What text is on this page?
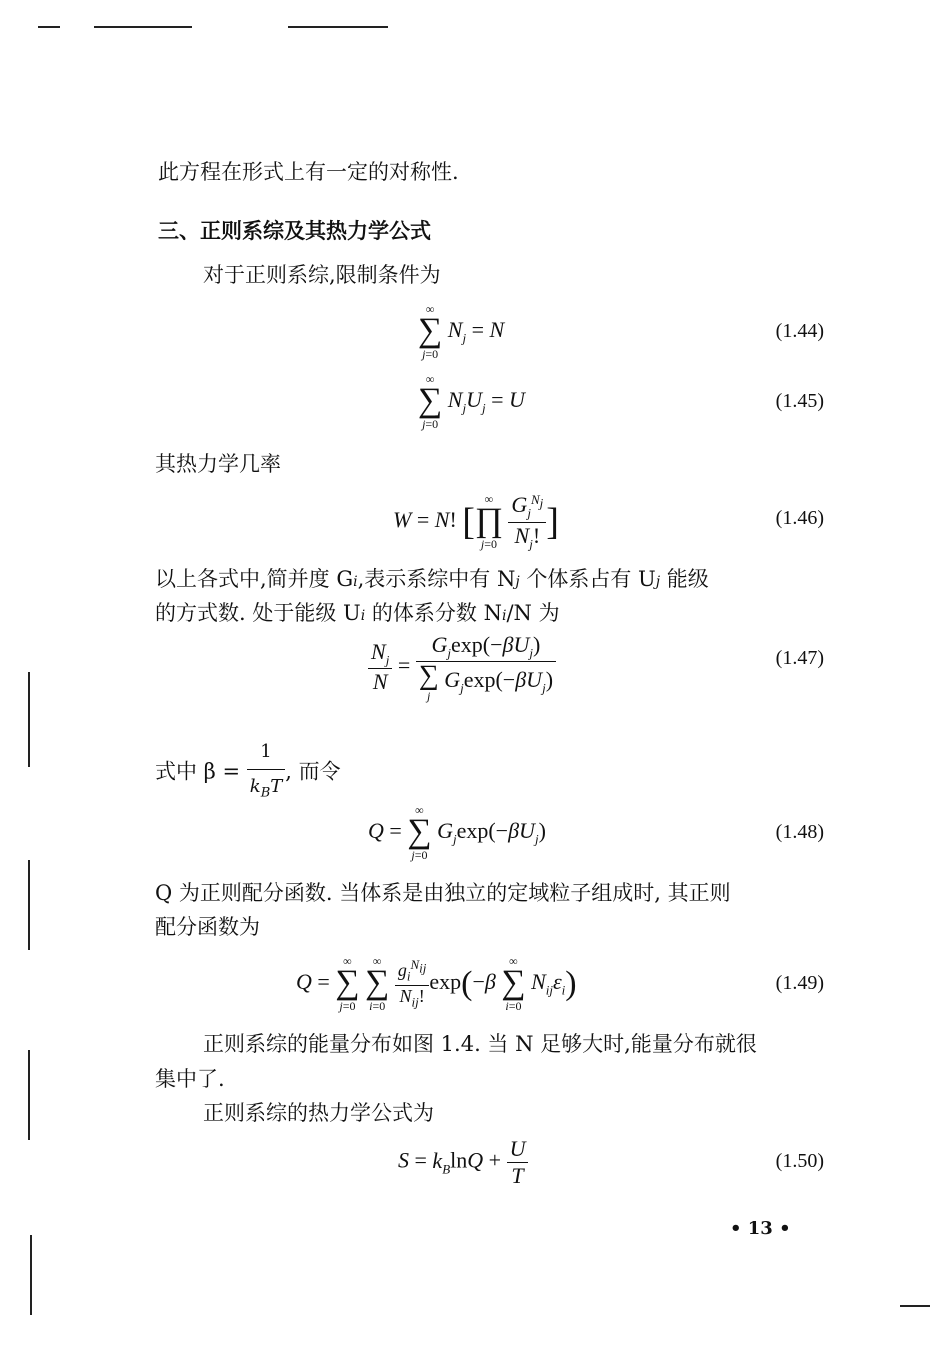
此方程在形式上有一定的对称性.
三、正则系综及其热力学公式
对于正则系综,限制条件为
∞
∑
j=0
$N_j = N$	(1.44)
∞
∑
j=0
$N_jU_j = U$	(1.45)
其热力学几率
W = N! [
∞
∏
j=0
$\frac{G_j^{N_j}}{N_j!}$ ]	(1.46)
以上各式中,简并度 Gi,表示系综中有 Nj 个体系占有 Uj 能级
的方式数. 处于能级 Ui 的体系分数 Ni/N 为
$\frac{N_j}{N} = G_j\exp(-\beta U_j)$
∑
j
$G_j\exp(-\beta U_j)$	(1.47)
式中 $\beta = \frac{1}{k_BT}$ , 而令
Q =
∞
∑
j=0
$G_j\exp(-\beta U_j)$	(1.48)
Q 为正则配分函数. 当体系是由独立的定域粒子组成时, 其正则
配分函数为
Q =
∞
∑
j=0

∞
∑
i=0
$\frac{g_i^{N_{ij}}}{N_{ij}!} \exp(-\beta$
∞
∑
i=0
$N_{ij}\varepsilon_i$)	(1.49)
正则系综的能量分布如图 1.4. 当 N 足够大时,能量分布就很
集中了.
正则系综的热力学公式为
$S = k_B\ln Q + \frac{U}{T}$	(1.50)
• 13 •
